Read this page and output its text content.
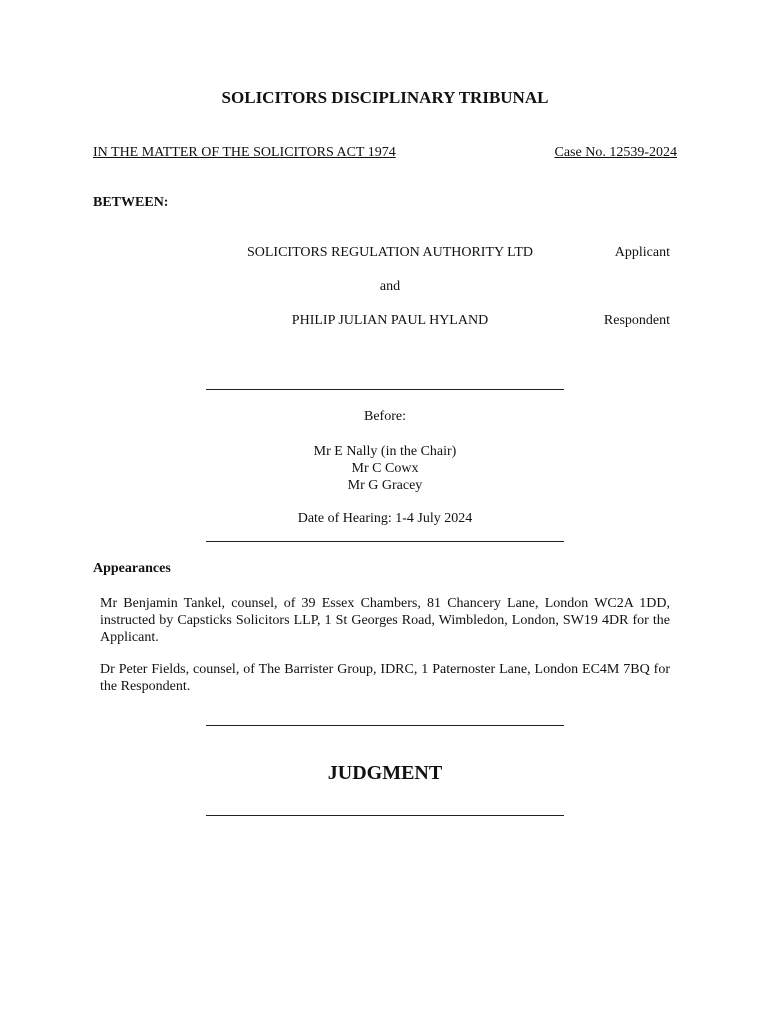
SOLICITORS DISCIPLINARY TRIBUNAL
IN THE MATTER OF THE SOLICITORS ACT 1974	Case No. 12539-2024
BETWEEN:
SOLICITORS REGULATION AUTHORITY LTD	Applicant
and
PHILIP JULIAN PAUL HYLAND	Respondent
Before:
Mr E Nally (in the Chair)
Mr C Cowx
Mr G Gracey
Date of Hearing: 1-4 July 2024
Appearances
Mr Benjamin Tankel, counsel, of 39 Essex Chambers, 81 Chancery Lane, London WC2A 1DD, instructed by Capsticks Solicitors LLP, 1 St Georges Road, Wimbledon, London, SW19 4DR for the Applicant.
Dr Peter Fields, counsel, of The Barrister Group, IDRC, 1 Paternoster Lane, London EC4M 7BQ for the Respondent.
JUDGMENT
